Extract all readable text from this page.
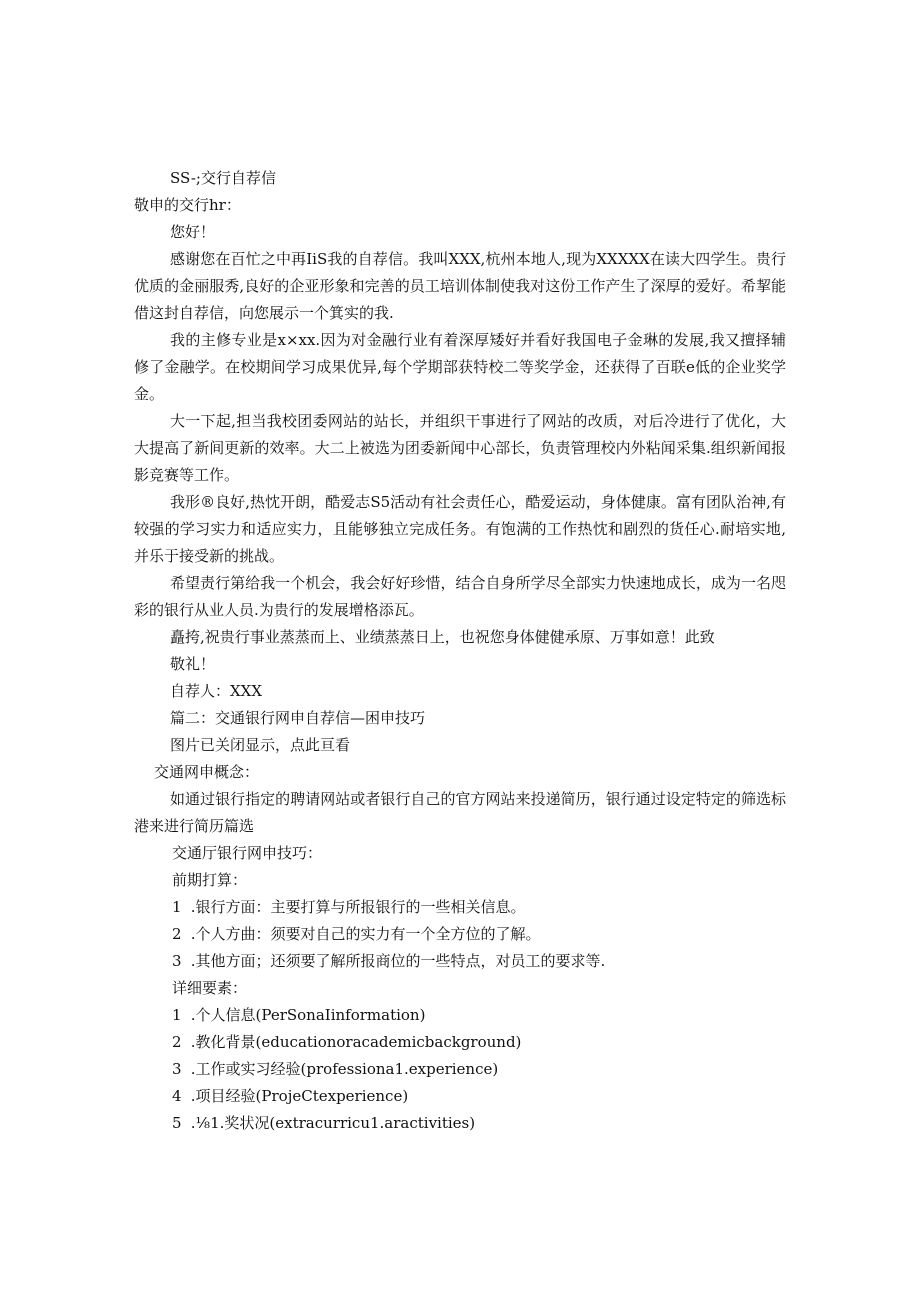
SS-;交行自荐信

敬申的交行hr：

您好！

感谢您在百忙之中再IiS我的自荐信。我叫XXX,杭州本地人,现为XXXXX在读大四学生。贵行优质的金丽服秀,良好的企亚形象和完善的员工培训体制使我对这份工作产生了深厚的爱好。希挈能借这封自荐信，向您展示一个箕实的我.

我的主修专业是x×xx.因为对金融行业有着深厚矮好并看好我国电子金琳的发展,我又擅择辅修了金融学。在校期间学习成果优异,每个学期部获特校二等奖学金，还获得了百联e低的企业奖学金。

大一下起,担当我校团委网站的站长，并组织干事进行了网站的改质，对后冷进行了优化，大大提高了新间更新的效率。大二上被选为团委新闻中心部长，负责管理校内外粘闻采集.组织新闻报影竞赛等工作。

我形®良好,热忱开朗，酷爱志S5活动有社会责任心，酷爱运动，身体健康。富有团队治神,有较强的学习实力和适应实力，且能够独立完成任务。有饱满的工作热忱和剧烈的货任心.耐培实地,并乐于接受新的挑战。

希望责行第给我一个机会，我会好好珍惜，结合自身所学尽全部实力快速地成长，成为一名咫彩的银行从业人员.为贵行的发展增格添瓦。

矗挎,祝贵行事业蒸蒸而上、业绩蒸蒸日上，也祝您身体健健承原、万事如意！此致

敬礼！

自荐人：XXX

篇二：交通银行网申自荐信—困申技巧

图片已关闭显示，点此亘看

交通网申概念：

如通过银行指定的聘请网站或者银行自己的官方网站来投递简历，银行通过设定特定的筛选标港来进行简历篇选

交通厅银行网申技巧：

前期打算：

1 .银行方面：主要打算与所报银行的一些相关信息。

2 .个人方曲：须要对自己的实力有一个全方位的了解。

3 .其他方面；还须要了解所报商位的一些特点，对员工的要求等.

详细要素：

1 .个人信息(PerSonaIinformation)

2 .教化背景(educationoracademicbackground)

3 .工作或实习经验(professiona1.experience)

4 .项目经验(ProjeCtexperience)

5 .⅛1.奖状况(extracurricu1.aractivities)
